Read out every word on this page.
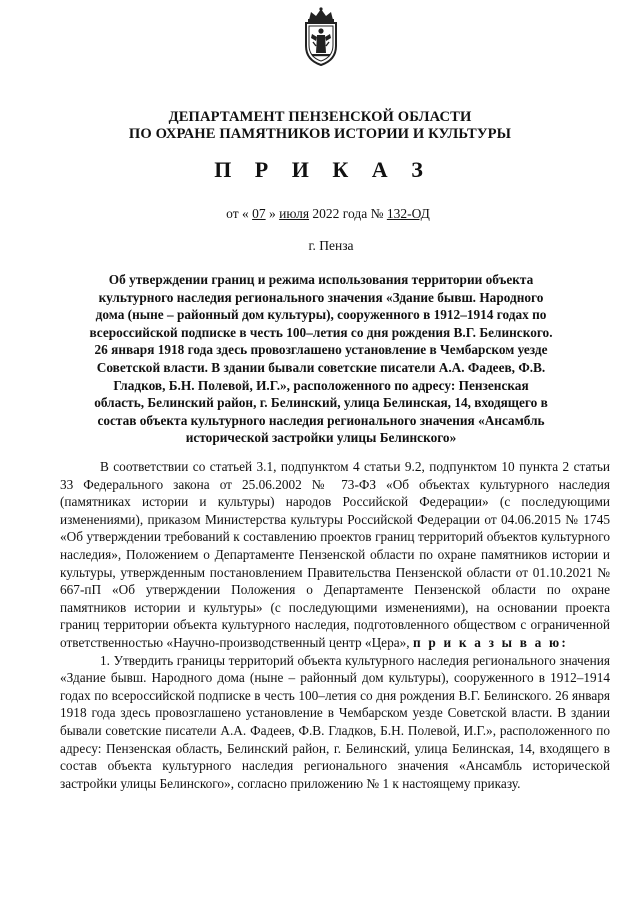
ДЕПАРТАМЕНТ ПЕНЗЕНСКОЙ ОБЛАСТИ
ПО ОХРАНЕ ПАМЯТНИКОВ ИСТОРИИ И КУЛЬТУРЫ
П Р И К А З
от « 07 » июля 2022 года № 132-ОД
г. Пенза
Об утверждении границ и режима использования территории объекта культурного наследия регионального значения «Здание бывш. Народного дома (ныне – районный дом культуры), сооруженного в 1912–1914 годах по всероссийской подписке в честь 100–летия со дня рождения В.Г. Белинского. 26 января 1918 года здесь провозглашено установление в Чембарском уезде Советской власти. В здании бывали советские писатели А.А. Фадеев, Ф.В. Гладков, Б.Н. Полевой, И.Г.», расположенного по адресу: Пензенская область, Белинский район, г. Белинский, улица Белинская, 14, входящего в состав объекта культурного наследия регионального значения «Ансамбль исторической застройки улицы Белинского»

В соответствии со статьей 3.1, подпунктом 4 статьи 9.2, подпунктом 10 пункта 2 статьи 33 Федерального закона от 25.06.2002 № 73-ФЗ «Об объектах культурного наследия (памятниках истории и культуры) народов Российской Федерации» (с последующими изменениями), приказом Министерства культуры Российской Федерации от 04.06.2015 № 1745 «Об утверждении требований к составлению проектов границ территорий объектов культурного наследия», Положением о Департаменте Пензенской области по охране памятников истории и культуры, утвержденным постановлением Правительства Пензенской области от 01.10.2021 № 667-пП «Об утверждении Положения о Департаменте Пензенской области по охране памятников истории и культуры» (с последующими изменениями), на основании проекта границ территории объекта культурного наследия, подготовленного обществом с ограниченной ответственностью «Научно-производственный центр «Цера», п р и к а з ы в а ю:

1. Утвердить границы территорий объекта культурного наследия регионального значения «Здание бывш. Народного дома (ныне – районный дом культуры), сооруженного в 1912–1914 годах по всероссийской подписке в честь 100–летия со дня рождения В.Г. Белинского. 26 января 1918 года здесь провозглашено установление в Чембарском уезде Советской власти. В здании бывали советские писатели А.А. Фадеев, Ф.В. Гладков, Б.Н. Полевой, И.Г.», расположенного по адресу: Пензенская область, Белинский район, г. Белинский, улица Белинская, 14, входящего в состав объекта культурного наследия регионального значения «Ансамбль исторической застройки улицы Белинского», согласно приложению № 1 к настоящему приказу.
